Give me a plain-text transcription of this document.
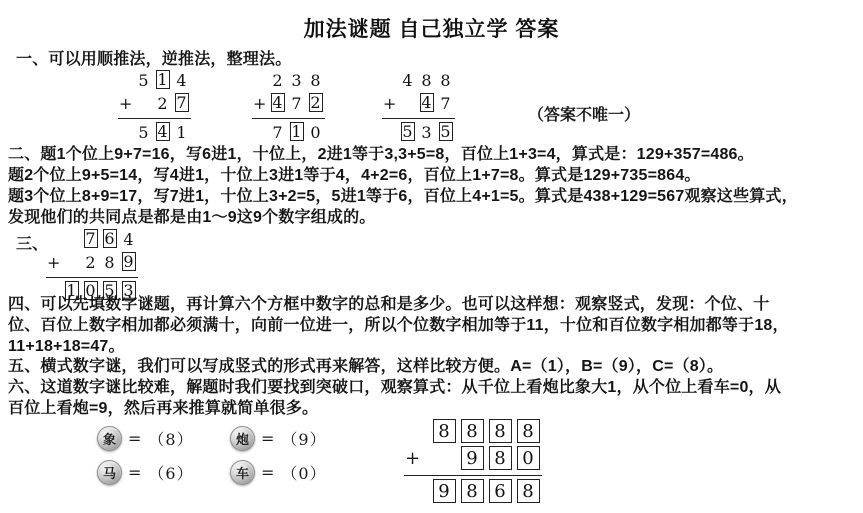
加法谜题 自己独立学 答案
一、可以用顺推法，逆推法，整理法。
5 1 4
+ 2 7
5 4 1
2 3 8
+ 4 7 2
7 1 0
4 8 8
+ 4 7
5 3 5
（答案不唯一）
二、题1个位上9+7=16，写6进1，十位上，2进1等于3,3+5=8，百位上1+3=4，算式是：129+357=486。
题2个位上9+5=14，写4进1，十位上3进1等于4，4+2=6，百位上1+7=8。算式是129+735=864。
题3个位上8+9=17，写7进1，十位上3+2=5，5进1等于6，百位上4+1=5。算式是438+129=567观察这些算式，
发现他们的共同点是都是由1～9这9个数字组成的。
三、 7 6 4
+ 2 8 9
1 0 5 3
四、可以先填数字谜题，再计算六个方框中数字的总和是多少。也可以这样想：观察竖式，发现：个位、十
位、百位上数字相加都必须满十，向前一位进一，所以个位数字相加等于11，十位和百位数字相加都等于18，
11+18+18=47。
五、横式数字谜，我们可以写成竖式的形式再来解答，这样比较方便。A=（1），B=（9），C=（8）。
六、这道数字谜比较难，解题时我们要找到突破口，观察算式：从千位上看炮比象大1，从个位上看车=0，从
百位上看炮=9，然后再来推算就简单很多。
象 = （8）	炮 = （9）
马 = （6）	车 = （0）
8 8 8 8
+	9 8 0
9 8 6 8
